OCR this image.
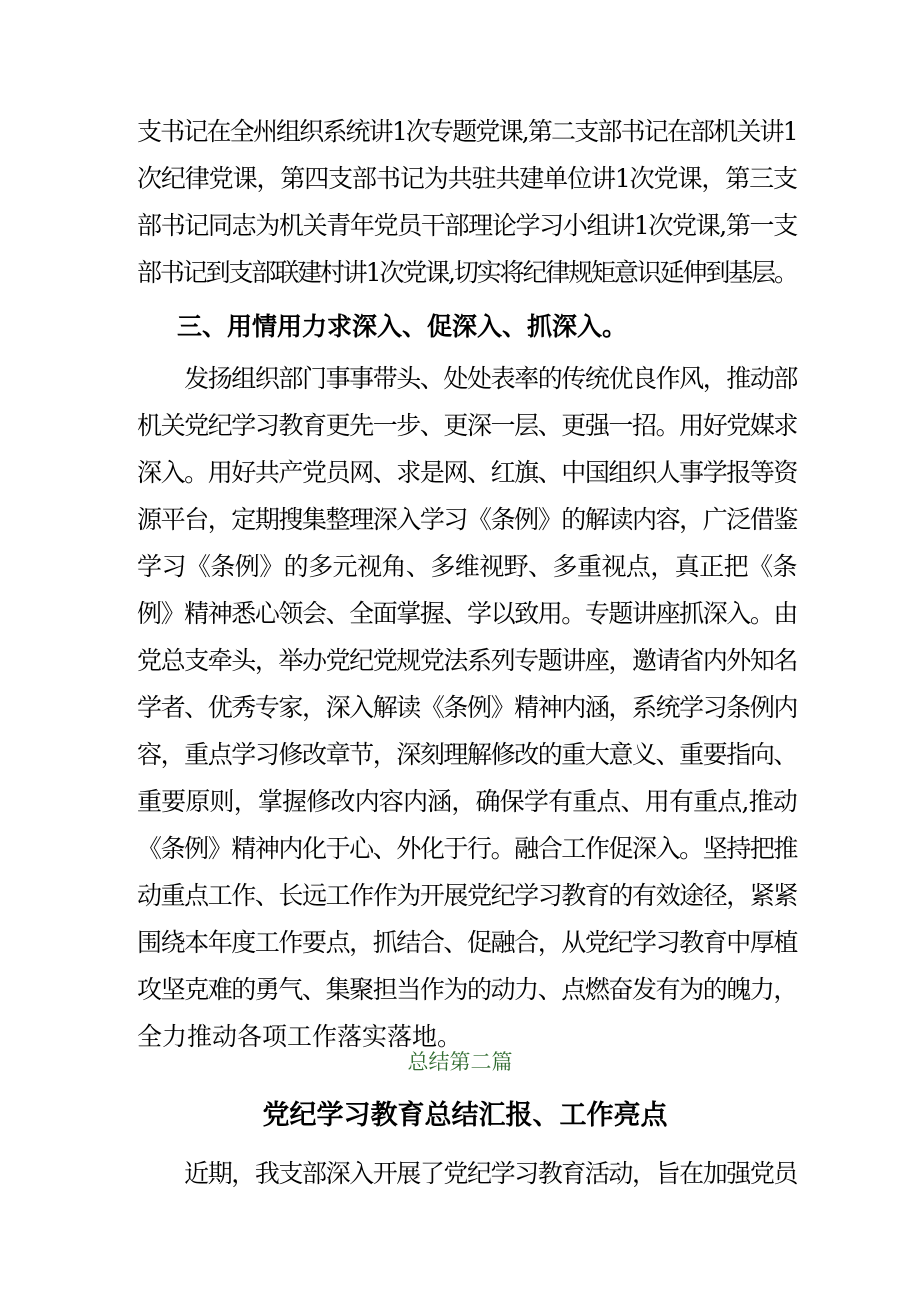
支书记在全州组织系统讲1次专题党课,第二支部书记在部机关讲1
次纪律党课，第四支部书记为共驻共建单位讲1次党课，第三支
部书记同志为机关青年党员干部理论学习小组讲1次党课,第一支
部书记到支部联建村讲1次党课,切实将纪律规矩意识延伸到基层。
三、用情用力求深入、促深入、抓深入。
　　发扬组织部门事事带头、处处表率的传统优良作风，推动部
机关党纪学习教育更先一步、更深一层、更强一招。用好党媒求
深入。用好共产党员网、求是网、红旗、中国组织人事学报等资
源平台，定期搜集整理深入学习《条例》的解读内容，广泛借鉴
学习《条例》的多元视角、多维视野、多重视点，真正把《条
例》精神悉心领会、全面掌握、学以致用。专题讲座抓深入。由
党总支牵头，举办党纪党规党法系列专题讲座，邀请省内外知名
学者、优秀专家，深入解读《条例》精神内涵，系统学习条例内
容，重点学习修改章节，深刻理解修改的重大意义、重要指向、
重要原则，掌握修改内容内涵，确保学有重点、用有重点,推动
《条例》精神内化于心、外化于行。融合工作促深入。坚持把推
动重点工作、长远工作作为开展党纪学习教育的有效途径，紧紧
围绕本年度工作要点，抓结合、促融合，从党纪学习教育中厚植
攻坚克难的勇气、集聚担当作为的动力、点燃奋发有为的魄力，
全力推动各项工作落实落地。
总结第二篇
党纪学习教育总结汇报、工作亮点
　　近期，我支部深入开展了党纪学习教育活动，旨在加强党员
